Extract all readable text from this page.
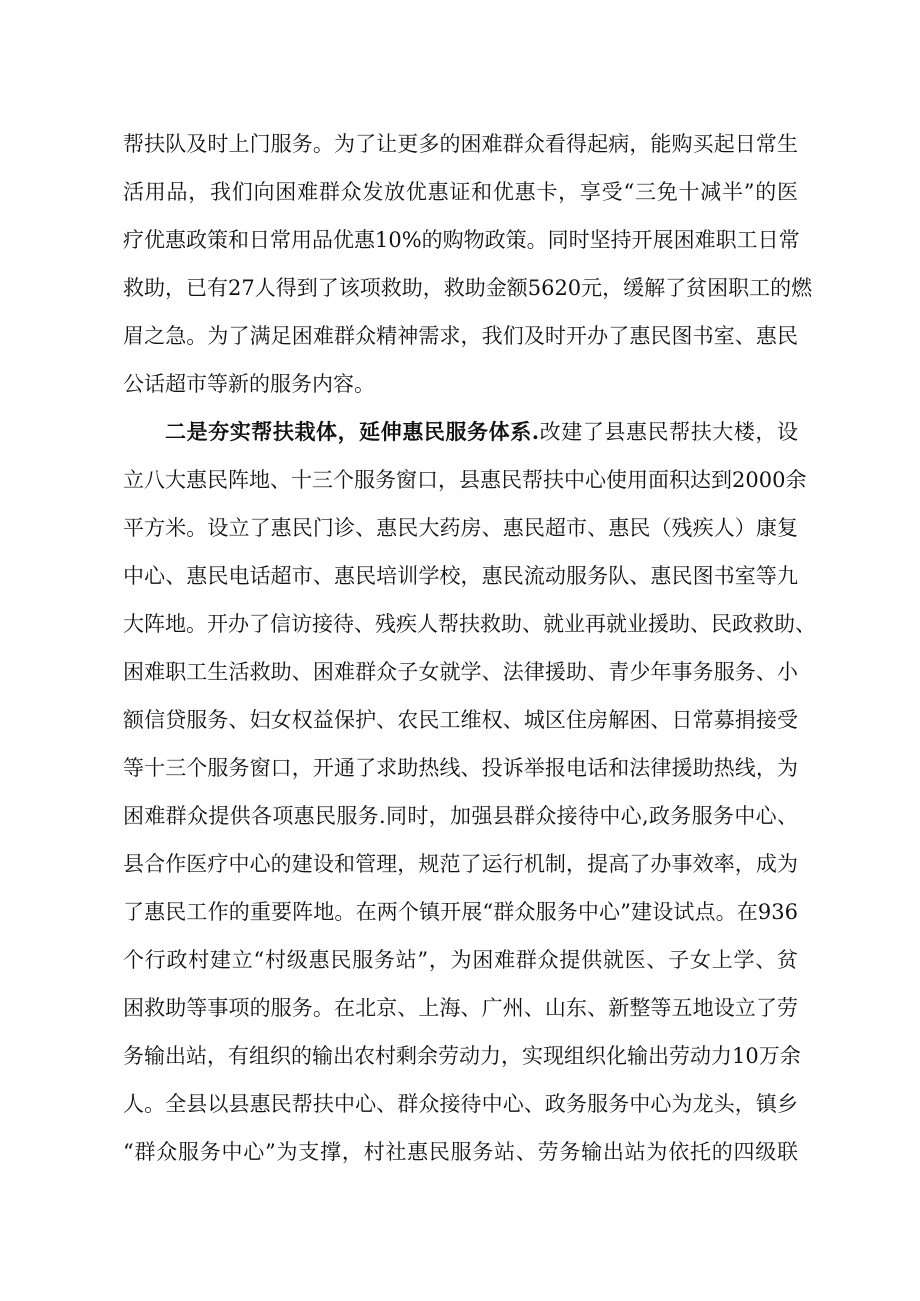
帮扶队及时上门服务。为了让更多的困难群众看得起病，能购买起日常生
活用品，我们向困难群众发放优惠证和优惠卡，享受“三免十减半”的医
疗优惠政策和日常用品优惠10%的购物政策。同时坚持开展困难职工日常
救助，已有27人得到了该项救助，救助金额5620元，缓解了贫困职工的燃
眉之急。为了满足困难群众精神需求，我们及时开办了惠民图书室、惠民
公话超市等新的服务内容。
二是夯实帮扶栽体，延伸惠民服务体系.改建了县惠民帮扶大楼，设
立八大惠民阵地、十三个服务窗口，县惠民帮扶中心使用面积达到2000余
平方米。设立了惠民门诊、惠民大药房、惠民超市、惠民（残疾人）康复
中心、惠民电话超市、惠民培训学校，惠民流动服务队、惠民图书室等九
大阵地。开办了信访接待、残疾人帮扶救助、就业再就业援助、民政救助、
困难职工生活救助、困难群众子女就学、法律援助、青少年事务服务、小
额信贷服务、妇女权益保护、农民工维权、城区住房解困、日常募捐接受
等十三个服务窗口，开通了求助热线、投诉举报电话和法律援助热线，为
困难群众提供各项惠民服务.同时，加强县群众接待中心,政务服务中心、
县合作医疗中心的建设和管理，规范了运行机制，提高了办事效率，成为
了惠民工作的重要阵地。在两个镇开展“群众服务中心”建设试点。在936
个行政村建立“村级惠民服务站”，为困难群众提供就医、子女上学、贫
困救助等事项的服务。在北京、上海、广州、山东、新整等五地设立了劳
务输出站，有组织的输出农村剩余劳动力，实现组织化输出劳动力10万余
人。全县以县惠民帮扶中心、群众接待中心、政务服务中心为龙头，镇乡
“群众服务中心”为支撑，村社惠民服务站、劳务输出站为依托的四级联
